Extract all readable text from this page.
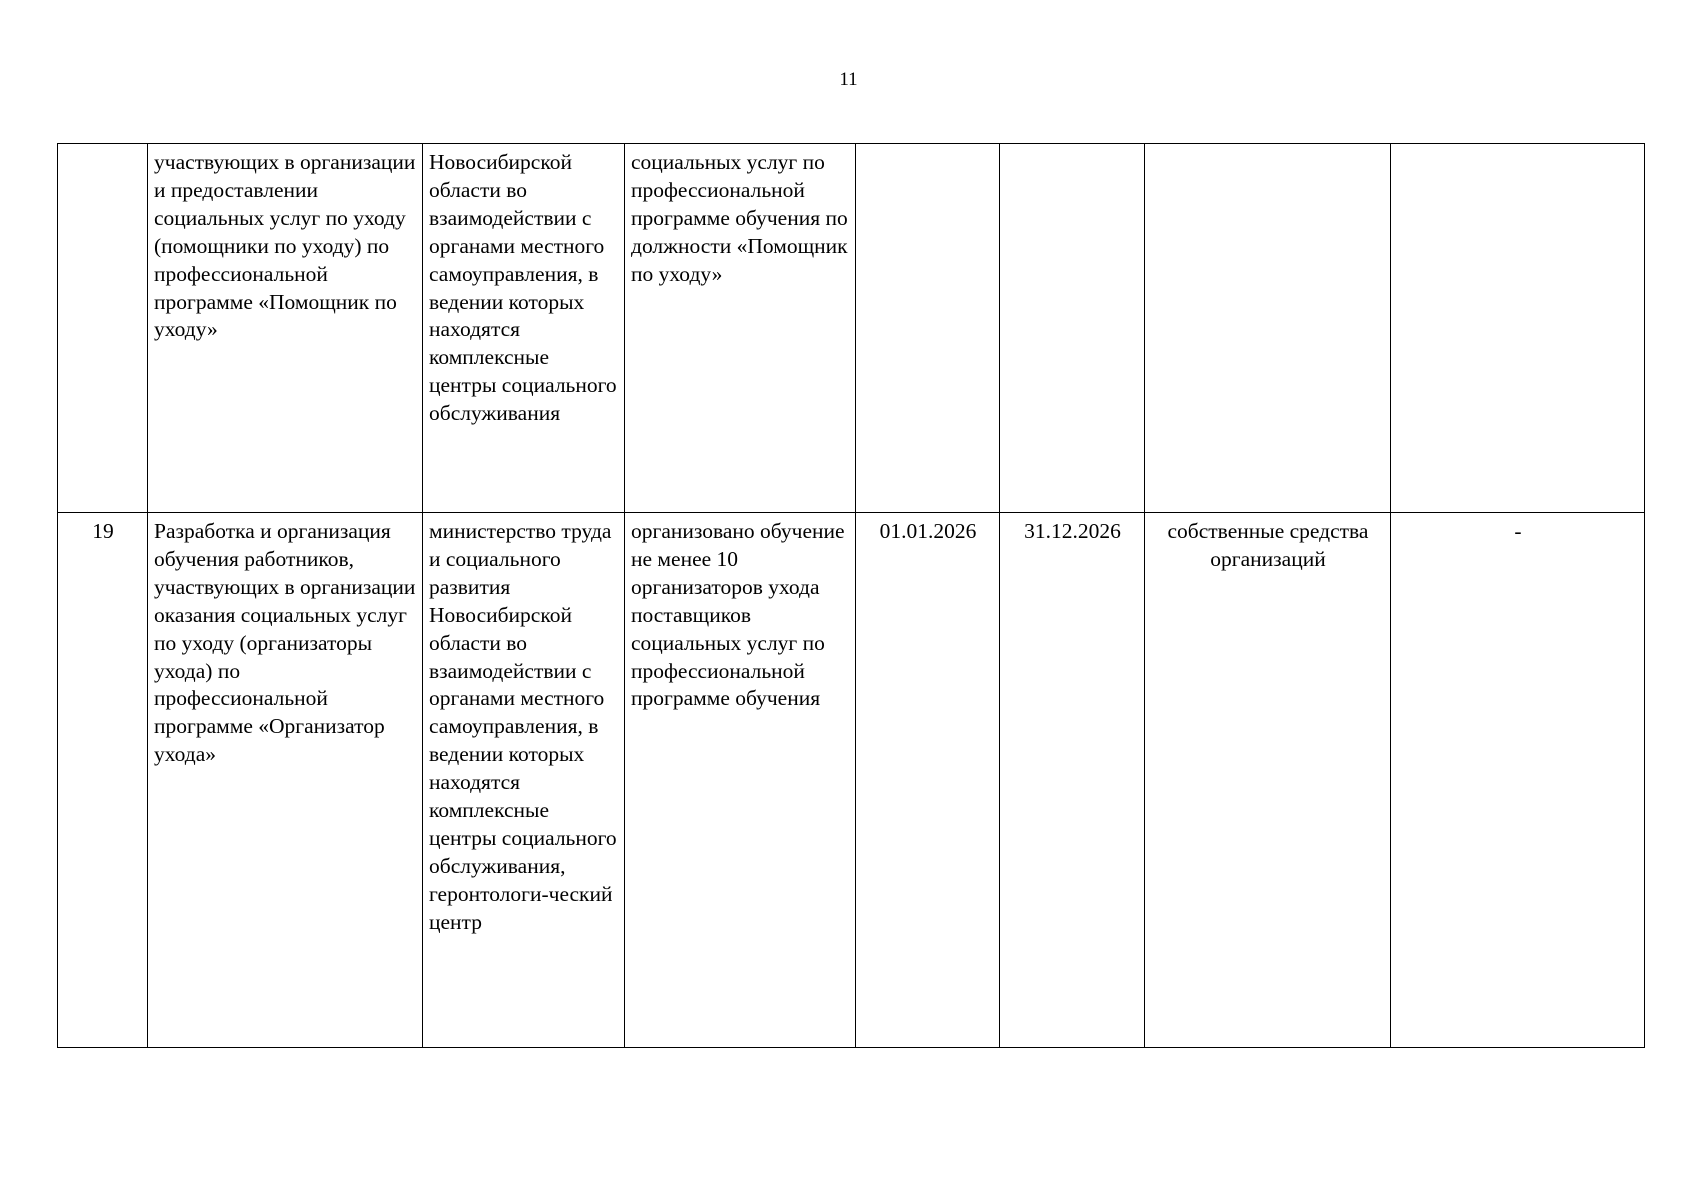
11
	участвующих в организации и предоставлении социальных услуг по уходу (помощники по уходу) по профессиональной программе «Помощник по уходу»	Новосибирской области во взаимодействии с органами местного самоуправления, в ведении которых находятся комплексные центры социального обслуживания	социальных услуг по профессиональной программе обучения по должности «Помощник по уходу»				
19	Разработка и организация обучения работников, участвующих в организации оказания социальных услуг по уходу (организаторы ухода) по профессиональной программе «Организатор ухода»	министерство труда и социального развития Новосибирской области во взаимодействии с органами местного самоуправления, в ведении которых находятся комплексные центры социального обслуживания, геронтологи-ческий центр	организовано обучение не менее 10 организаторов ухода поставщиков социальных услуг по профессиональной программе обучения	01.01.2026	31.12.2026	собственные средства организаций	-
